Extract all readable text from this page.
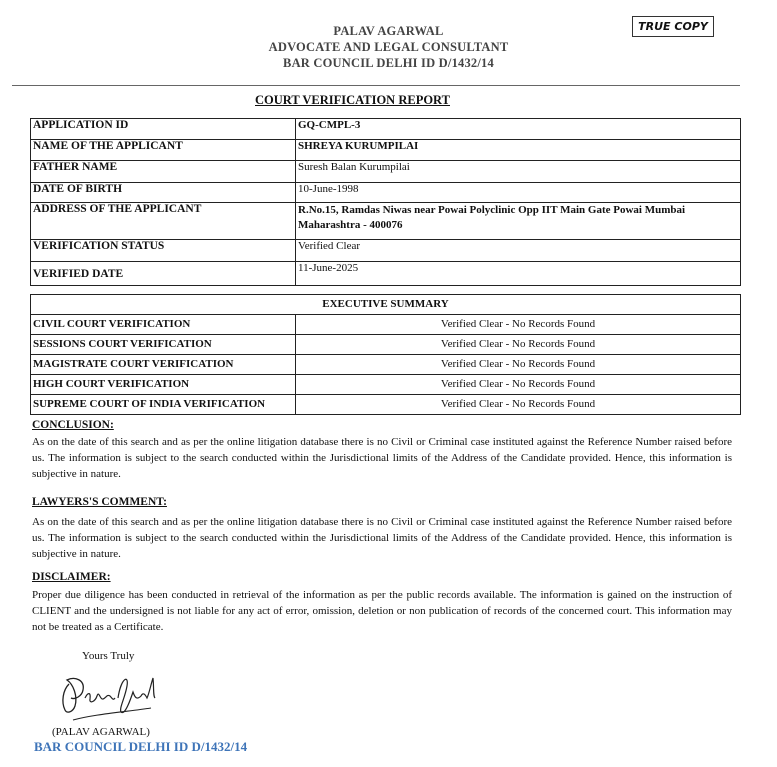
PALAV AGARWAL
ADVOCATE AND LEGAL CONSULTANT
BAR COUNCIL DELHI ID D/1432/14
TRUE COPY
COURT VERIFICATION REPORT
APPLICATION ID	GQ-CMPL-3
NAME OF THE APPLICANT	SHREYA KURUMPILAI
FATHER NAME	Suresh Balan Kurumpilai
DATE OF BIRTH	10-June-1998
ADDRESS OF THE APPLICANT	R.No.15, Ramdas Niwas near Powai Polyclinic Opp IIT Main Gate Powai Mumbai Maharashtra - 400076
VERIFICATION STATUS	Verified Clear
VERIFIED DATE	11-June-2025
EXECUTIVE SUMMARY	
CIVIL COURT VERIFICATION	Verified Clear - No Records Found
SESSIONS COURT VERIFICATION	Verified Clear - No Records Found
MAGISTRATE COURT VERIFICATION	Verified Clear - No Records Found
HIGH COURT VERIFICATION	Verified Clear - No Records Found
SUPREME COURT OF INDIA VERIFICATION	Verified Clear - No Records Found
CONCLUSION:
As on the date of this search and as per the online litigation database there is no Civil or Criminal case instituted against the Reference Number raised before us. The information is subject to the search conducted within the Jurisdictional limits of the Address of the Candidate provided. Hence, this information is subjective in nature.
LAWYERS'S COMMENT:
As on the date of this search and as per the online litigation database there is no Civil or Criminal case instituted against the Reference Number raised before us. The information is subject to the search conducted within the Jurisdictional limits of the Address of the Candidate provided. Hence, this information is subjective in nature.
DISCLAIMER:
Proper due diligence has been conducted in retrieval of the information as per the public records available. The information is gained on the instruction of CLIENT and the undersigned is not liable for any act of error, omission, deletion or non publication of records of the concerned court. This information may not be treated as a Certificate.
Yours Truly
(PALAV AGARWAL)
BAR COUNCIL DELHI ID D/1432/14
